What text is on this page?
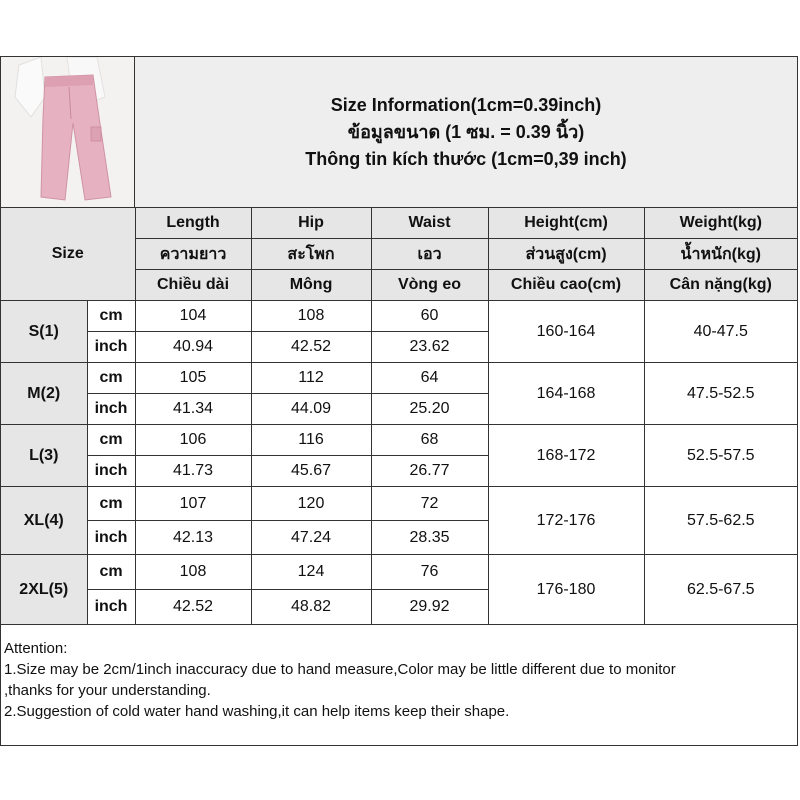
Size Information(1cm=0.39inch)
ข้อมูลขนาด (1 ซม. = 0.39 นิ้ว)
Thông tin kích thước (1cm=0,39 inch)
Size		Length	Hip	Waist	Height(cm)	Weight(kg)
		ความยาว	สะโพก	เอว	ส่วนสูง(cm)	น้ำหนัก(kg)
		Chiều dài	Mông	Vòng eo	Chiều cao(cm)	Cân nặng(kg)
S(1)	cm	104	108	60	160-164	40-47.5
	inch	40.94	42.52	23.62		
M(2)	cm	105	112	64	164-168	47.5-52.5
	inch	41.34	44.09	25.20		
L(3)	cm	106	116	68	168-172	52.5-57.5
	inch	41.73	45.67	26.77		
XL(4)	cm	107	120	72	172-176	57.5-62.5
	inch	42.13	47.24	28.35		
2XL(5)	cm	108	124	76	176-180	62.5-67.5
	inch	42.52	48.82	29.92		
Attention:
1.Size may be 2cm/1inch inaccuracy due to hand measure,Color may be little different due to monitor
,thanks for your understanding.
2.Suggestion of cold water hand washing,it can help items keep their shape.
